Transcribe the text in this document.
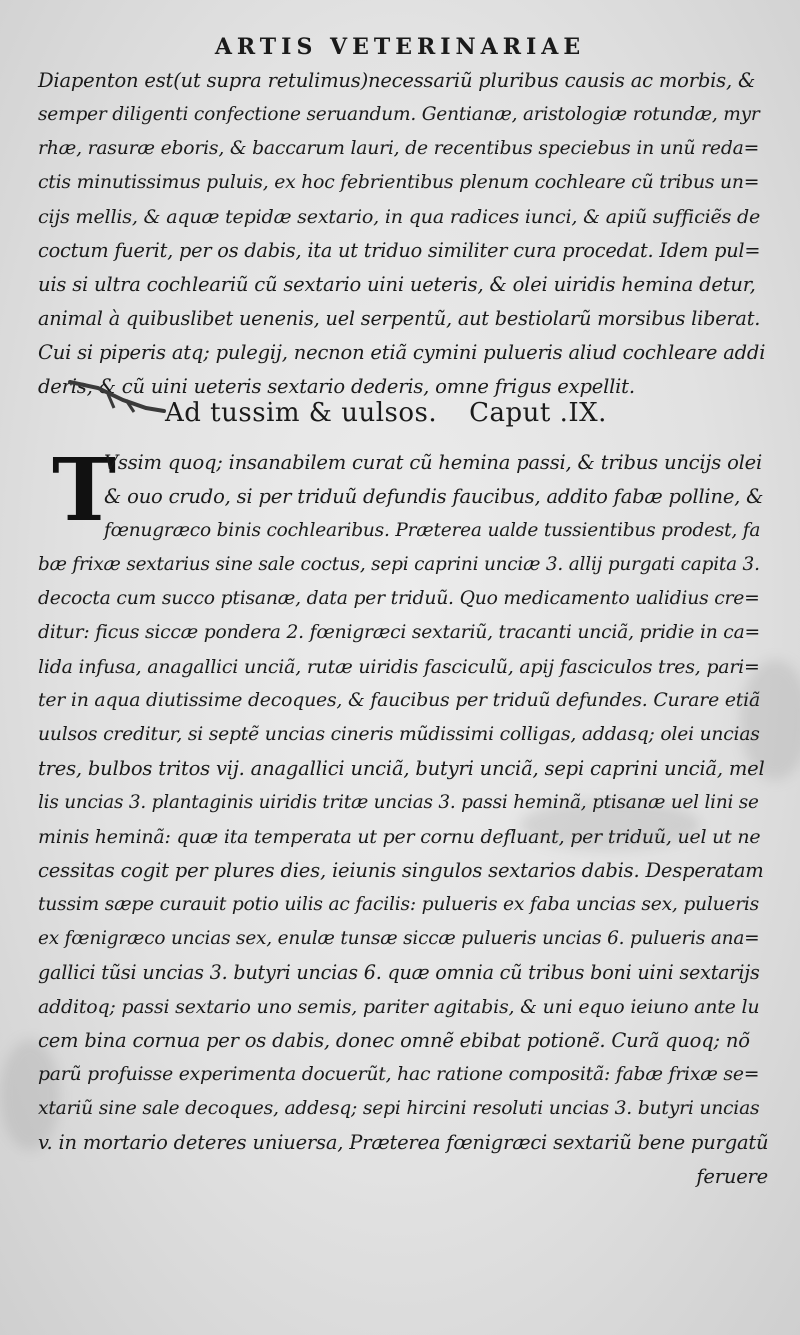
ARTIS VETERINARIAE
Diapenton est(ut supra retulimus)necessariũ pluribus causis ac morbis, &
semper diligenti confectione seruandum. Gentianæ, aristologiæ rotundæ, myr
rhæ, rasuræ eboris, & baccarum lauri, de recentibus speciebus in unũ reda=
ctis minutissimus puluis, ex hoc febrientibus plenum cochleare cũ tribus un=
cijs mellis, & aquæ tepidæ sextario, in qua radices iunci, & apiũ sufficiẽs de
coctum fuerit, per os dabis, ita ut triduo similiter cura procedat. Idem pul=
uis si ultra cochleariũ cũ sextario uini ueteris, & olei uiridis hemina detur,
animal à quibuslibet uenenis, uel serpentũ, aut bestiolarũ morsibus liberat.
Cui si piperis atq; pulegij, necnon etiã cymini pulueris aliud cochleare addi
deris, & cũ uini ueteris sextario dederis, omne frigus expellit.
Ad tussim & uulsos. Caput .IX.
T
Vssim quoq; insanabilem curat cũ hemina passi, & tribus uncijs olei
& ouo crudo, si per triduũ defundis faucibus, addito fabæ polline, &
fœnugræco binis cochlearibus. Præterea ualde tussientibus prodest, fa
bæ frixæ sextarius sine sale coctus, sepi caprini unciæ 3. allij purgati capita 3.
decocta cum succo ptisanæ, data per triduũ. Quo medicamento ualidius cre=
ditur: ficus siccæ pondera 2. fœnigræci sextariũ, tracanti unciã, pridie in ca=
lida infusa, anagallici unciã, rutæ uiridis fasciculũ, apij fasciculos tres, pari=
ter in aqua diutissime decoques, & faucibus per triduũ defundes. Curare etiã
uulsos creditur, si septẽ uncias cineris mũdissimi colligas, addasq; olei uncias
tres, bulbos tritos vij. anagallici unciã, butyri unciã, sepi caprini unciã, mel
lis uncias 3. plantaginis uiridis tritæ uncias 3. passi heminã, ptisanæ uel lini se
minis heminã: quæ ita temperata ut per cornu defluant, per triduũ, uel ut ne
cessitas cogit per plures dies, ieiunis singulos sextarios dabis. Desperatam
tussim sæpe curauit potio uilis ac facilis: pulueris ex faba uncias sex, pulueris
ex fœnigræco uncias sex, enulæ tunsæ siccæ pulueris uncias 6. pulueris ana=
gallici tũsi uncias 3. butyri uncias 6. quæ omnia cũ tribus boni uini sextarijs
additoq; passi sextario uno semis, pariter agitabis, & uni equo ieiuno ante lu
cem bina cornua per os dabis, donec omnẽ ebibat potionẽ. Curã quoq; nõ
parũ profuisse experimenta docuerũt, hac ratione compositã: fabæ frixæ se=
xtariũ sine sale decoques, addesq; sepi hircini resoluti uncias 3. butyri uncias
v. in mortario deteres uniuersa, Præterea fœnigræci sextariũ bene purgatũ
feruere
